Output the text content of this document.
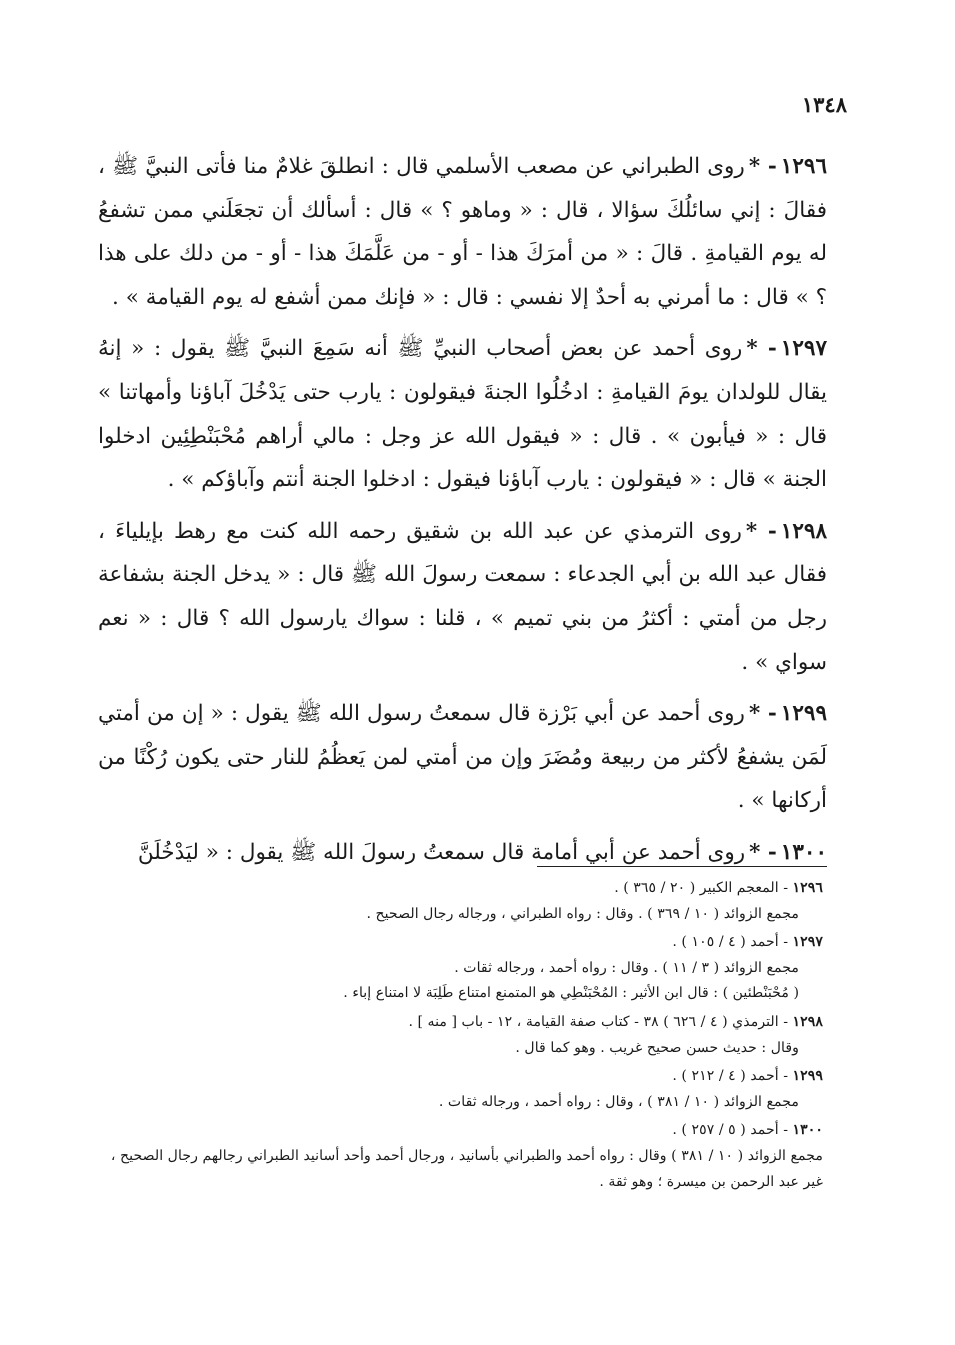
١٣٤٨

١٢٩٦- *روى الطبراني عن مصعب الأسلمي قال : انطلقَ غلامٌ منا فأتى النبيَّ ﷺ ، فقالَ : إني سائلُكَ سؤالا ، قال : « وماهو ؟ » قال : أسألك أن تجعَلَني ممن تشفعُ له يوم القيامةِ . قالَ : « من أمرَكَ هذا - أو - من عَلَّمَكَ هذا - أو - من دلك على هذا ؟ » قال : ما أمرني به أحدٌ إلا نفسي : قال : « فإنك ممن أشفع له يوم القيامة » .

١٢٩٧- *روى أحمد عن بعض أصحاب النبيِّ ﷺ أنه سَمِعَ النبيَّ ﷺ يقول : « إنهُ يقال للولدان يومَ القيامةِ : ادخُلُوا الجنةَ فيقولون : يارب حتى يَدْخُلَ آباؤنا وأمهاتنا » قال : « فيأبون » . قال : « فيقول الله عز وجل : مالي أراهم مُحْبَنْطِئِين ادخلوا الجنة » قال : « فيقولون : يارب آباؤنا فيقول : ادخلوا الجنة أنتم وآباؤكم » .

١٢٩٨- *روى الترمذي عن عبد الله بن شقيق رحمه الله كنت مع رهط بإيلياءَ ، فقال عبد الله بن أبي الجدعاء : سمعت رسولَ الله ﷺ قال : « يدخل الجنة بشفاعة رجل من أمتي : أكثرُ من بني تميم » ، قلنا : سواك يارسول الله ؟ قال : « نعم سواي » .

١٢٩٩- *روى أحمد عن أبي بَرْزة قال سمعتُ رسول الله ﷺ يقول : « إن من أمتي لَمَن يشفعُ لأكثر من ربيعة ومُضَرَ وإن من أمتي لمن يَعظُمُ للنار حتى يكون رُكْنًا من أركانها » .

١٣٠٠- *روى أحمد عن أبي أمامة قال سمعتُ رسولَ الله ﷺ يقول : « ليَدْخُلَنَّ

١٢٩٦ - المعجم الكبير ( ٢٠ / ٣٦٥ ) .
مجمع الزوائد ( ١٠ / ٣٦٩ ) . وقال : رواه الطبراني ، ورجاله رجال الصحيح .
١٢٩٧ - أحمد ( ٤ / ١٠٥ ) .
مجمع الزوائد ( ٣ / ١١ ) . وقال : رواه أحمد ، ورجاله ثقات .
( مُحْبَنْطئين ) : قال ابن الأثير : المُحْبَنْطِي هو المتمنع امتناع طَلِبَة لا امتناع إباء .
١٢٩٨ - الترمذي ( ٤ / ٦٢٦ ) ٣٨ - كتاب صفة القيامة ، ١٢ - باب [ منه ] .
وقال : حديث حسن صحيح غريب . وهو كما قال .
١٢٩٩ - أحمد ( ٤ / ٢١٢ ) .
مجمع الزوائد ( ١٠ / ٣٨١ ) ، وقال : رواه أحمد ، ورجاله ثقات .
١٣٠٠ - أحمد ( ٥ / ٢٥٧ ) .
مجمع الزوائد ( ١٠ / ٣٨١ ) وقال : رواه أحمد والطبراني بأسانيد ، ورجال أحمد وأحد أسانيد الطبراني رجالهم رجال الصحيح ، غير عبد الرحمن بن ميسرة ؛ وهو ثقة .
